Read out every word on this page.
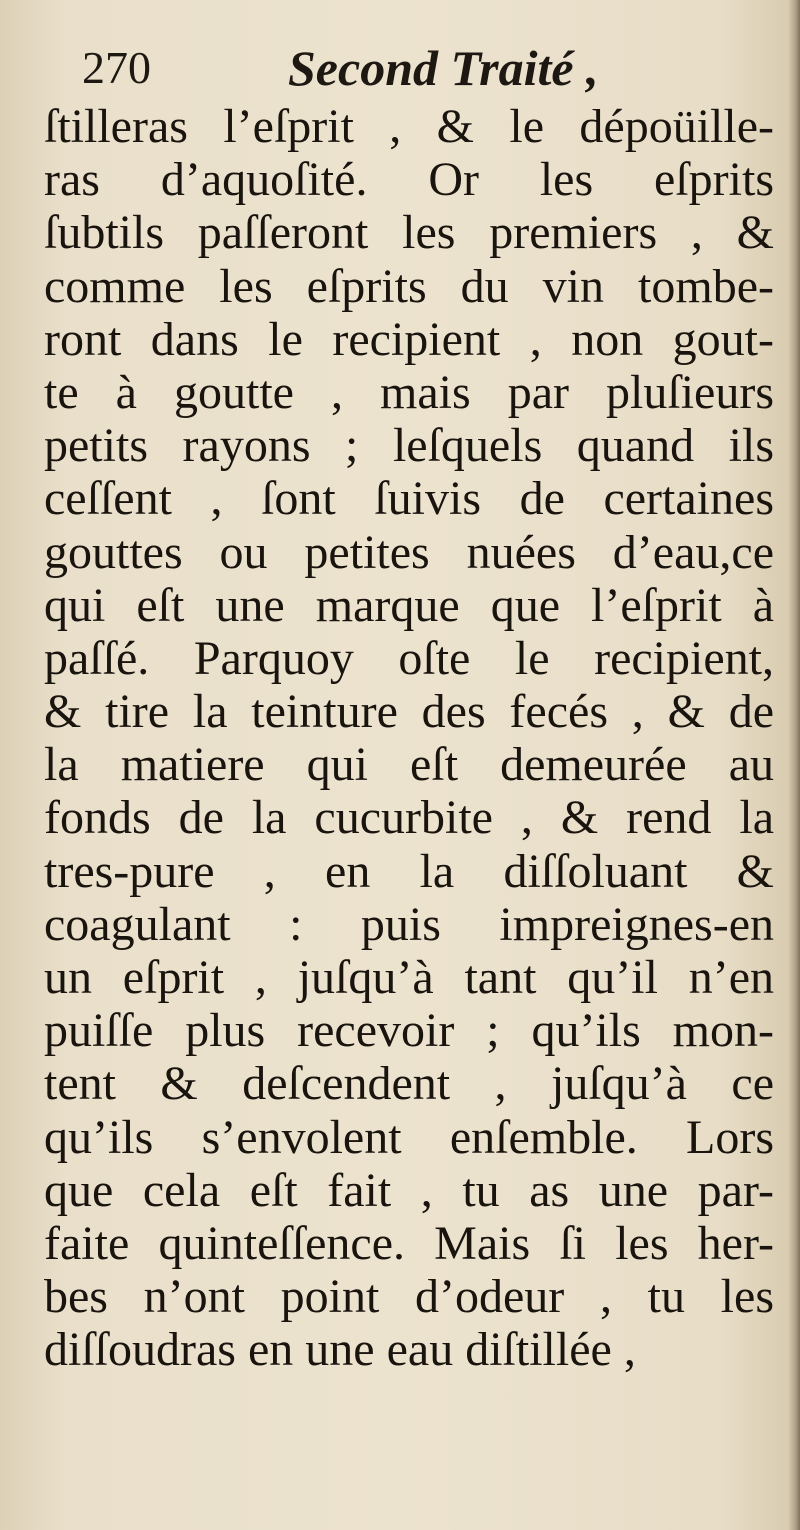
270	Second Traité ,
ſtilleras l’eſprit , & le dépoüille-
ras d’aquoſité. Or les eſprits
ſubtils paſſeront les premiers , &
comme les eſprits du vin tombe-
ront dans le recipient , non gout-
te à goutte , mais par pluſieurs
petits rayons ; leſquels quand ils
ceſſent , ſont ſuivis de certaines
gouttes ou petites nuées d’eau,ce
qui eſt une marque que l’eſprit à
paſſé. Parquoy oſte le recipient,
& tire la teinture des fecés , & de
la matiere qui eſt demeurée au
fonds de la cucurbite , & rend la
tres-pure , en la diſſoluant &
coagulant : puis impreignes-en
un eſprit , juſqu’à tant qu’il n’en
puiſſe plus recevoir ; qu’ils mon-
tent & deſcendent , juſqu’à ce
qu’ils s’envolent enſemble. Lors
que cela eſt fait , tu as une par-
faite quinteſſence. Mais ſi les her-
bes n’ont point d’odeur , tu les
diſſoudras en une eau diſtillée ,
